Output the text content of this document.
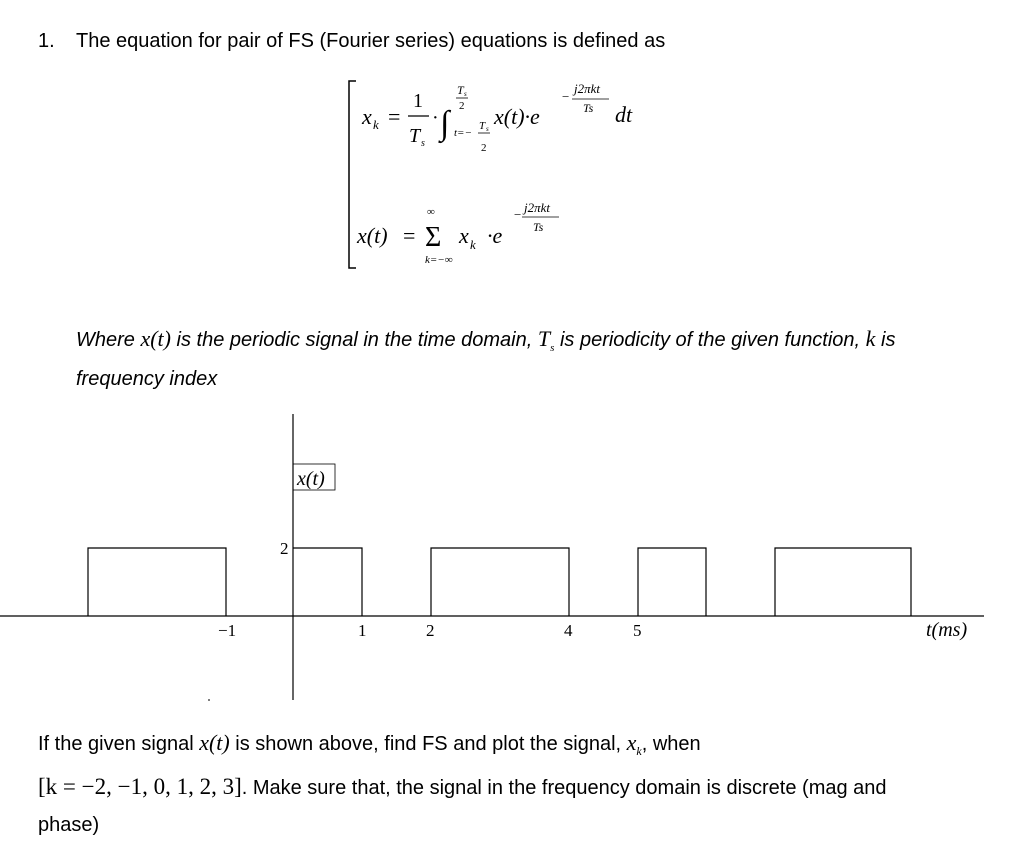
1. The equation for pair of FS (Fourier series) equations is defined as
x k =
1
T s
· ∫
T s
2
t=−
T s
2
x(t)·e
−
j2πkt
Ts dt
x(t) =
∞
Σ
k=−∞
x k ·e
− j2πkt
Ts
Where x(t) is the periodic signal in the time domain, $T_s$ is periodicity of the given function, k is
frequency index
x(t)
2
−1	1	2	4	5	t(ms)
If the given signal x(t) is shown above, find FS and plot the signal, $x_k$, when
[k = −2, −1, 0, 1, 2, 3]. Make sure that, the signal in the frequency domain is discrete (mag and
phase)
